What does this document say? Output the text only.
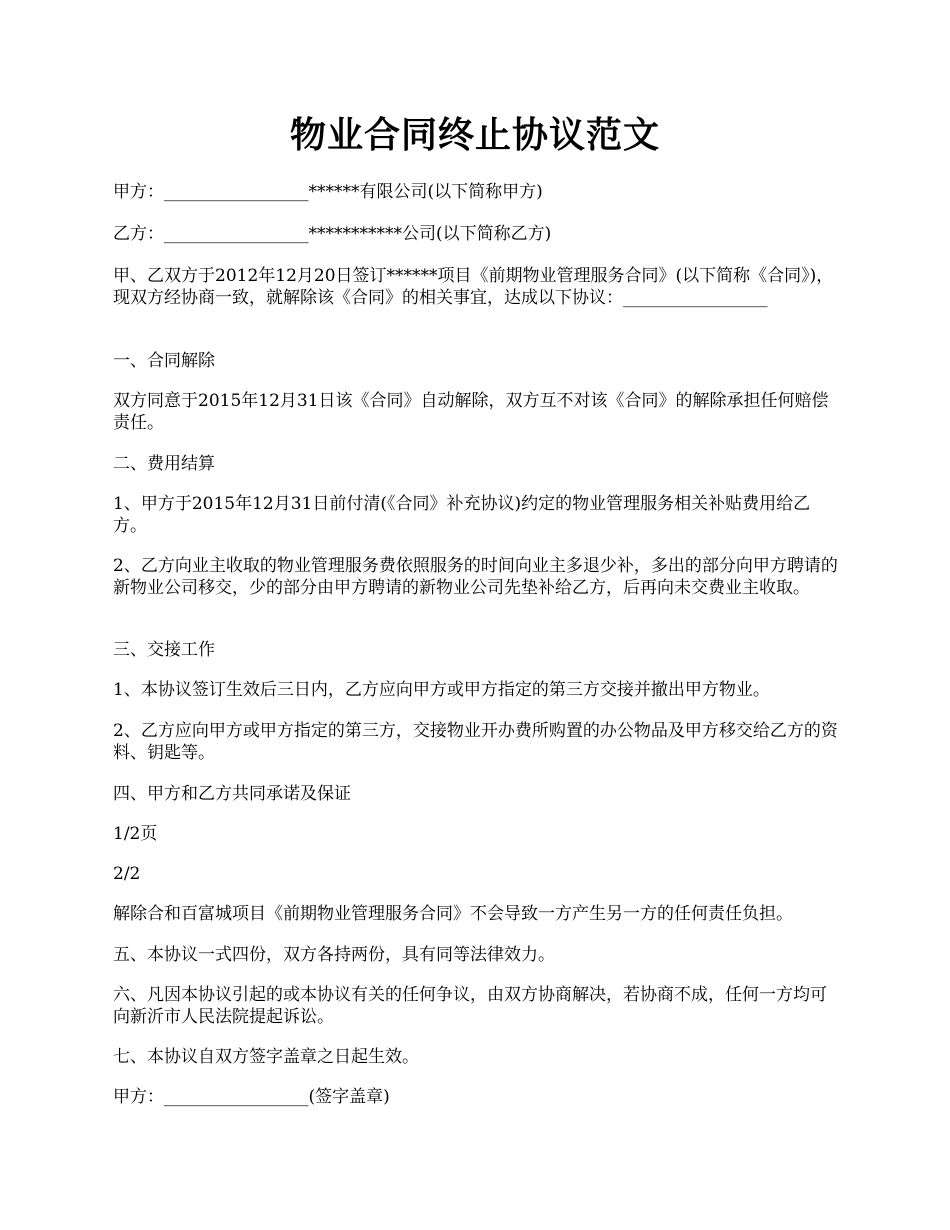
物业合同终止协议范文

甲方：_________________******有限公司(以下简称甲方)

乙方：_________________***********公司(以下简称乙方)

甲、乙双方于2012年12月20日签订******项目《前期物业管理服务合同》(以下简称《合同》)，现双方经协商一致，就解除该《合同》的相关事宜，达成以下协议：_________________

一、合同解除

双方同意于2015年12月31日该《合同》自动解除，双方互不对该《合同》的解除承担任何赔偿责任。

二、费用结算

1、甲方于2015年12月31日前付清(《合同》补充协议)约定的物业管理服务相关补贴费用给乙方。

2、乙方向业主收取的物业管理服务费依照服务的时间向业主多退少补，多出的部分向甲方聘请的新物业公司移交，少的部分由甲方聘请的新物业公司先垫补给乙方，后再向未交费业主收取。

三、交接工作

1、本协议签订生效后三日内，乙方应向甲方或甲方指定的第三方交接并撤出甲方物业。

2、乙方应向甲方或甲方指定的第三方，交接物业开办费所购置的办公物品及甲方移交给乙方的资料、钥匙等。

四、甲方和乙方共同承诺及保证

1/2页

2/2

解除合和百富城项目《前期物业管理服务合同》不会导致一方产生另一方的任何责任负担。

五、本协议一式四份，双方各持两份，具有同等法律效力。

六、凡因本协议引起的或本协议有关的任何争议，由双方协商解决，若协商不成，任何一方均可向新沂市人民法院提起诉讼。

七、本协议自双方签字盖章之日起生效。

甲方：_________________(签字盖章)
